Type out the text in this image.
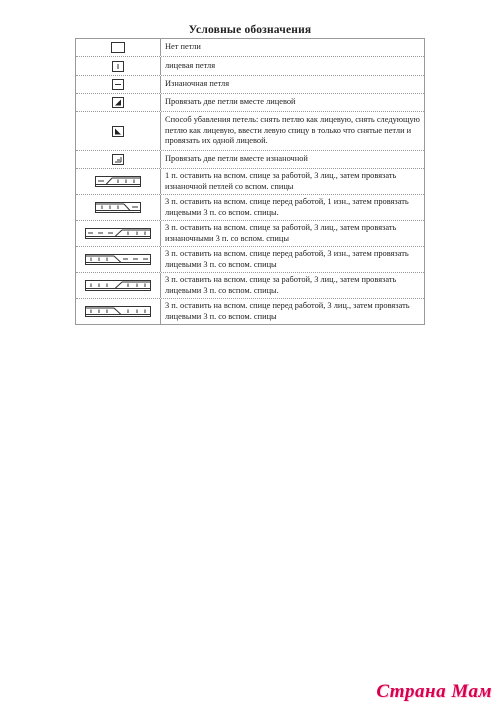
Условные обозначения
Нет петли
лицевая петля
Изнаночная петля
Провязать две петли вместе лицевой
Способ убавления петель: снять петлю как лицевую, снять следующую петлю как лицевую, ввести левую спицу в только что снятые петли и провязать их одной лицевой.
Провязать две петли вместе изнаночной
1 п. оставить на вспом. спице за работой, 3 лиц., затем провязать изнаночной петлей со вспом. спицы
3 п. оставить на вспом. спице перед работой, 1 изн., затем провязать лицевыми 3 п. со вспом. спицы.
3 п. оставить на вспом. спице за работой, 3 лиц., затем провязать изнаночными 3 п. со вспом. спицы
3 п. оставить на вспом. спице перед работой, 3 изн., затем провязать лицевыми 3 п. со вспом. спицы
3 п. оставить на вспом. спице за работой, 3 лиц., затем провязать лицевыми 3 п. со вспом. спицы.
3 п. оставить на вспом. спице перед работой, 3 лиц., затем провязать лицевыми 3 п. со вспом. спицы
Страна Мам
